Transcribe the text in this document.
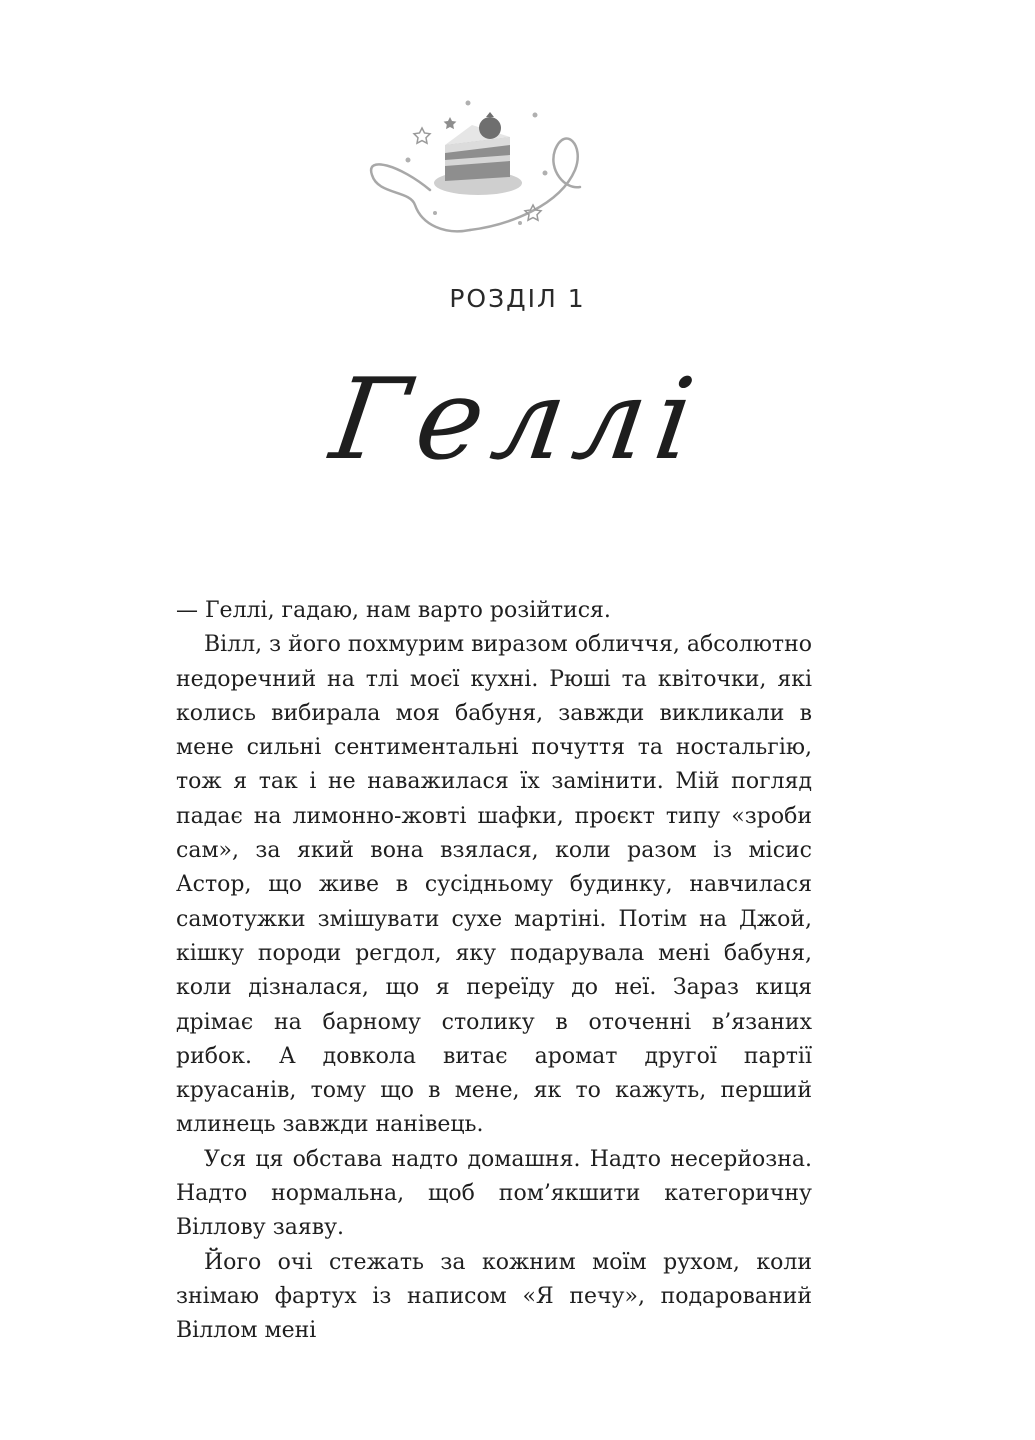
РОЗДІЛ 1
Геллі

— Геллі, гадаю, нам варто розійтися.

Вілл, з його похмурим виразом обличчя, абсолютно недоречний на тлі моєї кухні. Рюші та квіточки, які колись вибирала моя бабуня, завжди викликали в мене сильні сентиментальні почуття та ностальгію, тож я так і не наважилася їх замінити. Мій погляд падає на лимонно-жовті шафки, проєкт типу «зроби сам», за який вона взялася, коли разом із місис Астор, що живе в сусідньому будинку, навчилася самотужки змішувати сухе мартіні. Потім на Джой, кішку породи регдол, яку подарувала мені бабуня, коли дізналася, що я переїду до неї. Зараз киця дрімає на барному столику в оточенні в’язаних рибок. А довкола витає аромат другої партії круасанів, тому що в мене, як то кажуть, перший млинець завжди нанівець.

Уся ця обстава надто домашня. Надто несерйозна. Надто нормальна, щоб пом’якшити категоричну Віллову заяву.

Його очі стежать за кожним моїм рухом, коли знімаю фартух із написом «Я печу», подарований Віллом мені
